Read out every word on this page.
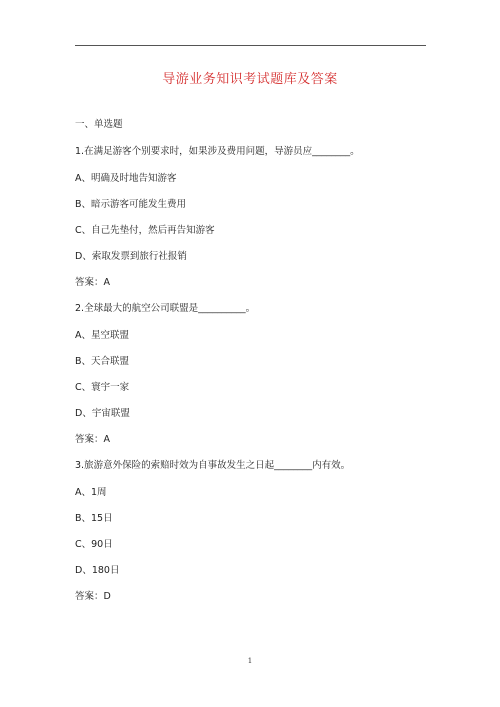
导游业务知识考试题库及答案
一、单选题
1.在满足游客个别要求时，如果涉及费用问题，导游员应________。
A、明确及时地告知游客
B、暗示游客可能发生费用
C、自己先垫付，然后再告知游客
D、索取发票到旅行社报销
答案：A
2.全球最大的航空公司联盟是__________。
A、星空联盟
B、天合联盟
C、寰宇一家
D、宇宙联盟
答案：A
3.旅游意外保险的索赔时效为自事故发生之日起________内有效。
A、1周
B、15日
C、90日
D、180日
答案：D
1
